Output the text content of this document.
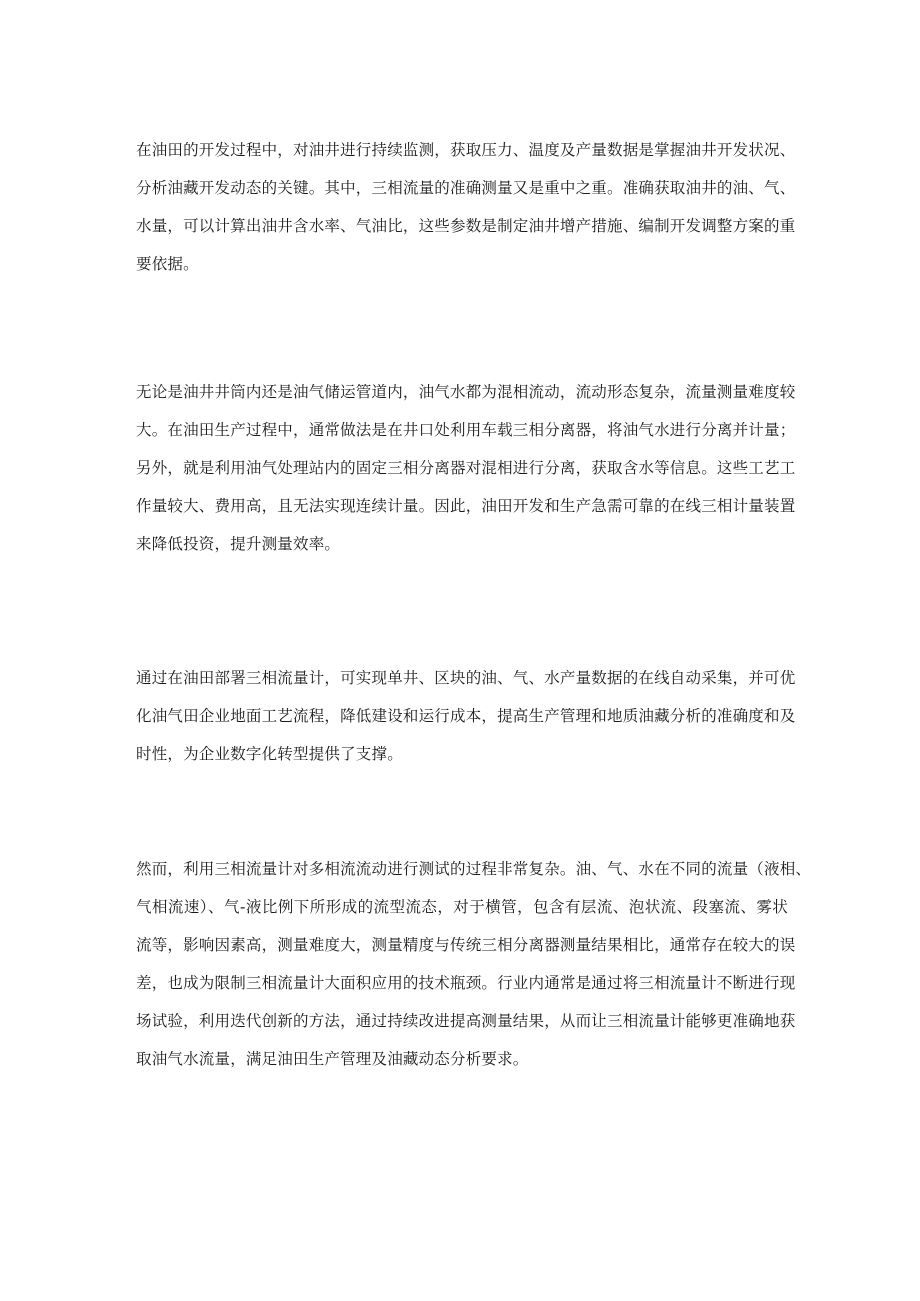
在油田的开发过程中，对油井进行持续监测，获取压力、温度及产量数据是掌握油井开发状况、
分析油藏开发动态的关键。其中，三相流量的准确测量又是重中之重。准确获取油井的油、气、
水量，可以计算出油井含水率、气油比，这些参数是制定油井增产措施、编制开发调整方案的重
要依据。
无论是油井井筒内还是油气储运管道内，油气水都为混相流动，流动形态复杂，流量测量难度较
大。在油田生产过程中，通常做法是在井口处利用车载三相分离器，将油气水进行分离并计量；
另外，就是利用油气处理站内的固定三相分离器对混相进行分离，获取含水等信息。这些工艺工
作量较大、费用高，且无法实现连续计量。因此，油田开发和生产急需可靠的在线三相计量装置
来降低投资，提升测量效率。
通过在油田部署三相流量计，可实现单井、区块的油、气、水产量数据的在线自动采集，并可优
化油气田企业地面工艺流程，降低建设和运行成本，提高生产管理和地质油藏分析的准确度和及
时性，为企业数字化转型提供了支撑。
然而，利用三相流量计对多相流流动进行测试的过程非常复杂。油、气、水在不同的流量（液相、
气相流速）、气-液比例下所形成的流型流态，对于横管，包含有层流、泡状流、段塞流、雾状
流等，影响因素高，测量难度大，测量精度与传统三相分离器测量结果相比，通常存在较大的误
差，也成为限制三相流量计大面积应用的技术瓶颈。行业内通常是通过将三相流量计不断进行现
场试验，利用迭代创新的方法，通过持续改进提高测量结果，从而让三相流量计能够更准确地获
取油气水流量，满足油田生产管理及油藏动态分析要求。
